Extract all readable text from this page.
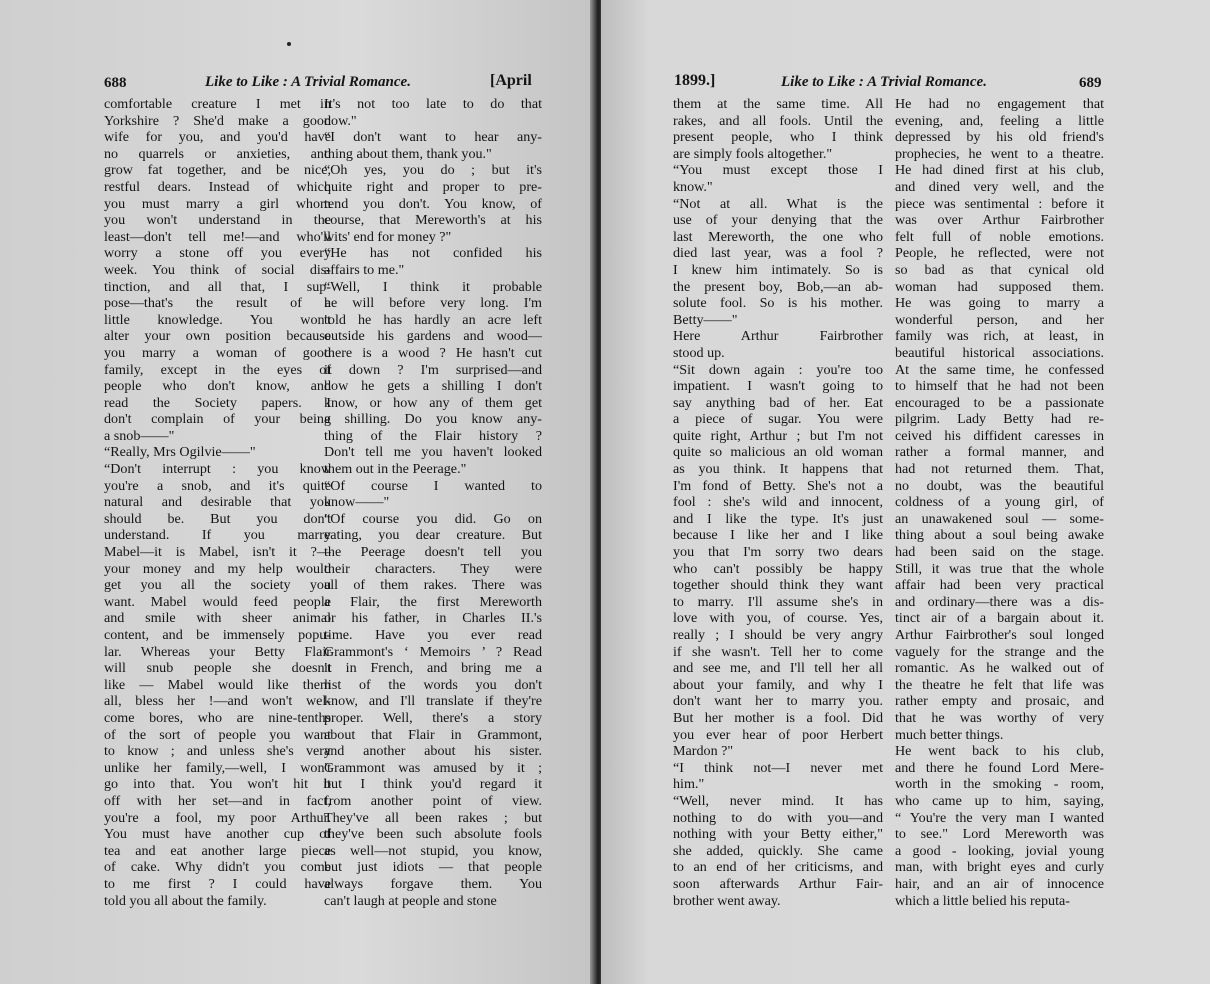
688	Like to Like : A Trivial Romance.	[April

comfortable creature I met in
Yorkshire ? She'd make a good
wife for you, and you'd have
no quarrels or anxieties, and
grow fat together, and be nice,
restful dears. Instead of which
you must marry a girl whom
you won't understand in the
least—don't tell me!—and who'll
worry a stone off you every
week. You think of social dis-
tinction, and all that, I sup-
pose—that's the result of a
little knowledge. You won't
alter your own position because
you marry a woman of good
family, except in the eyes of
people who don't know, and
read the Society papers. I
don't complain of your being
a snob——"

“Really, Mrs Ogilvie——"

“Don't interrupt : you know
you're a snob, and it's quite
natural and desirable that you
should be. But you don't
understand. If you marry
Mabel—it is Mabel, isn't it ?—
your money and my help would
get you all the society you
want. Mabel would feed people
and smile with sheer animal
content, and be immensely popu-
lar. Whereas your Betty Flair
will snub people she doesn't
like — Mabel would like them
all, bless her !—and won't wel-
come bores, who are nine-tenths
of the sort of people you want
to know ; and unless she's very
unlike her family,—well, I won't
go into that. You won't hit it
off with her set—and in fact,
you're a fool, my poor Arthur.
You must have another cup of
tea and eat another large piece
of cake. Why didn't you come
to me first ? I could have
told you all about the family.

It's not too late to do that
now."

“I don't want to hear any-
thing about them, thank you."

“Oh yes, you do ; but it's
quite right and proper to pre-
tend you don't. You know, of
course, that Mereworth's at his
wits' end for money ?"

“He has not confided his
affairs to me."

“Well, I think it probable
he will before very long. I'm
told he has hardly an acre left
outside his gardens and wood—
there is a wood ? He hasn't cut
it down ? I'm surprised—and
how he gets a shilling I don't
know, or how any of them get
a shilling. Do you know any-
thing of the Flair history ?
Don't tell me you haven't looked
them out in the Peerage."

“Of course I wanted to
know——"

“Of course you did. Go on
eating, you dear creature. But
the Peerage doesn't tell you
their characters. They were
all of them rakes. There was
a Flair, the first Mereworth
or his father, in Charles II.'s
time. Have you ever read
Grammont's ‘ Memoirs ’ ? Read
it in French, and bring me a
list of the words you don't
know, and I'll translate if they're
proper. Well, there's a story
about that Flair in Grammont,
and another about his sister.
Grammont was amused by it ;
but I think you'd regard it
from another point of view.
They've all been rakes ; but
they've been such absolute fools
as well—not stupid, you know,
but just idiots — that people
always forgave them. You
can't laugh at people and stone

1899.]	Like to Like : A Trivial Romance.	689

them at the same time. All
rakes, and all fools. Until the
present people, who I think
are simply fools altogether."

“You must except those I
know."

“Not at all. What is the
use of your denying that the
last Mereworth, the one who
died last year, was a fool ?
I knew him intimately. So is
the present boy, Bob,—an ab-
solute fool. So is his mother.
Betty——"

Here Arthur Fairbrother
stood up.

“Sit down again : you're too
impatient. I wasn't going to
say anything bad of her. Eat
a piece of sugar. You were
quite right, Arthur ; but I'm not
quite so malicious an old woman
as you think. It happens that
I'm fond of Betty. She's not a
fool : she's wild and innocent,
and I like the type. It's just
because I like her and I like
you that I'm sorry two dears
who can't possibly be happy
together should think they want
to marry. I'll assume she's in
love with you, of course. Yes,
really ; I should be very angry
if she wasn't. Tell her to come
and see me, and I'll tell her all
about your family, and why I
don't want her to marry you.
But her mother is a fool. Did
you ever hear of poor Herbert
Mardon ?"

“I think not—I never met
him."

“Well, never mind. It has
nothing to do with you—and
nothing with your Betty either,"
she added, quickly. She came
to an end of her criticisms, and
soon afterwards Arthur Fair-
brother went away.

He had no engagement that
evening, and, feeling a little
depressed by his old friend's
prophecies, he went to a theatre.
He had dined first at his club,
and dined very well, and the
piece was sentimental : before it
was over Arthur Fairbrother
felt full of noble emotions.
People, he reflected, were not
so bad as that cynical old
woman had supposed them.
He was going to marry a
wonderful person, and her
family was rich, at least, in
beautiful historical associations.
At the same time, he confessed
to himself that he had not been
encouraged to be a passionate
pilgrim. Lady Betty had re-
ceived his diffident caresses in
rather a formal manner, and
had not returned them. That,
no doubt, was the beautiful
coldness of a young girl, of
an unawakened soul — some-
thing about a soul being awake
had been said on the stage.
Still, it was true that the whole
affair had been very practical
and ordinary—there was a dis-
tinct air of a bargain about it.
Arthur Fairbrother's soul longed
vaguely for the strange and the
romantic. As he walked out of
the theatre he felt that life was
rather empty and prosaic, and
that he was worthy of very
much better things.

He went back to his club,
and there he found Lord Mere-
worth in the smoking - room,
who came up to him, saying,
“ You're the very man I wanted
to see." Lord Mereworth was
a good - looking, jovial young
man, with bright eyes and curly
hair, and an air of innocence
which a little belied his reputa-
